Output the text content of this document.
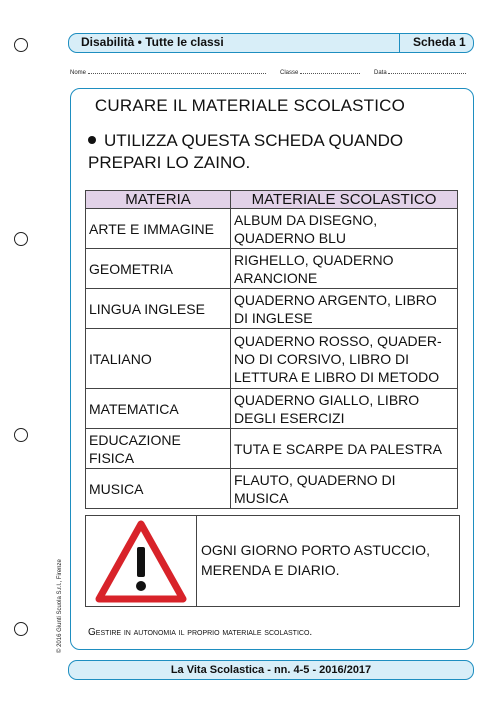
Disabilità • Tutte le classi	Scheda 1
Nome	Classe	Data
CURARE IL MATERIALE SCOLASTICO
UTILIZZA QUESTA SCHEDA QUANDO
PREPARI LO ZAINO.
MATERIA	MATERIALE SCOLASTICO
ARTE E IMMAGINE	ALBUM DA DISEGNO,
QUADERNO BLU
GEOMETRIA	RIGHELLO, QUADERNO
ARANCIONE
LINGUA INGLESE	QUADERNO ARGENTO, LIBRO
DI INGLESE
ITALIANO	QUADERNO ROSSO, QUADER-
NO DI CORSIVO, LIBRO DI
LETTURA E LIBRO DI METODO
MATEMATICA	QUADERNO GIALLO, LIBRO
DEGLI ESERCIZI
EDUCAZIONE FISICA	TUTA E SCARPE DA PALESTRA
MUSICA	FLAUTO, QUADERNO DI
MUSICA
OGNI GIORNO PORTO ASTUCCIO,
MERENDA E DIARIO.
Gestire in autonomia il proprio materiale scolastico.
© 2016 Giunti Scuola S.r.l., Firenze
La Vita Scolastica - nn. 4-5 - 2016/2017
